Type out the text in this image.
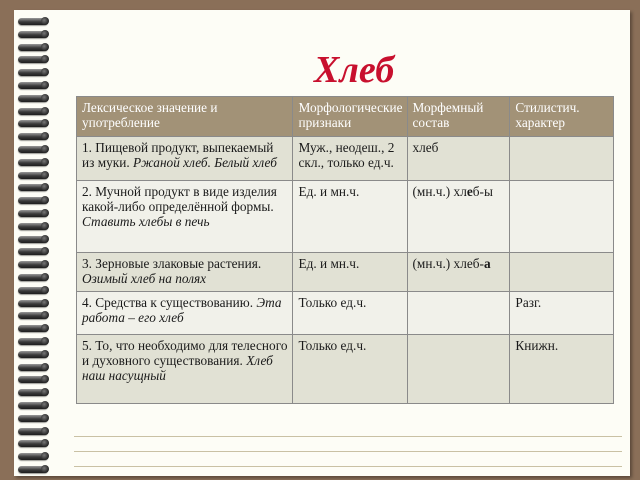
Хлеб
Лексическое значение и употребление	Морфологические признаки	Морфемный состав	Стилистич. характер
1. Пищевой продукт, выпекаемый из муки. Ржаной хлеб. Белый хлеб	Муж., неодеш., 2 скл., только ед.ч.	хлеб	
2. Мучной продукт в виде изделия какой-либо определённой формы. Ставить хлебы в печь	Ед. и мн.ч.	(мн.ч.) хлеб-ы	
3. Зерновые злаковые растения. Озимый хлеб на полях	Ед. и мн.ч.	(мн.ч.) хлеб-а	
4. Средства к существованию. Эта работа – его хлеб	Только ед.ч.		Разг.
5. То, что необходимо для телесного и духовного существования. Хлеб наш насущный	Только ед.ч.		Книжн.
